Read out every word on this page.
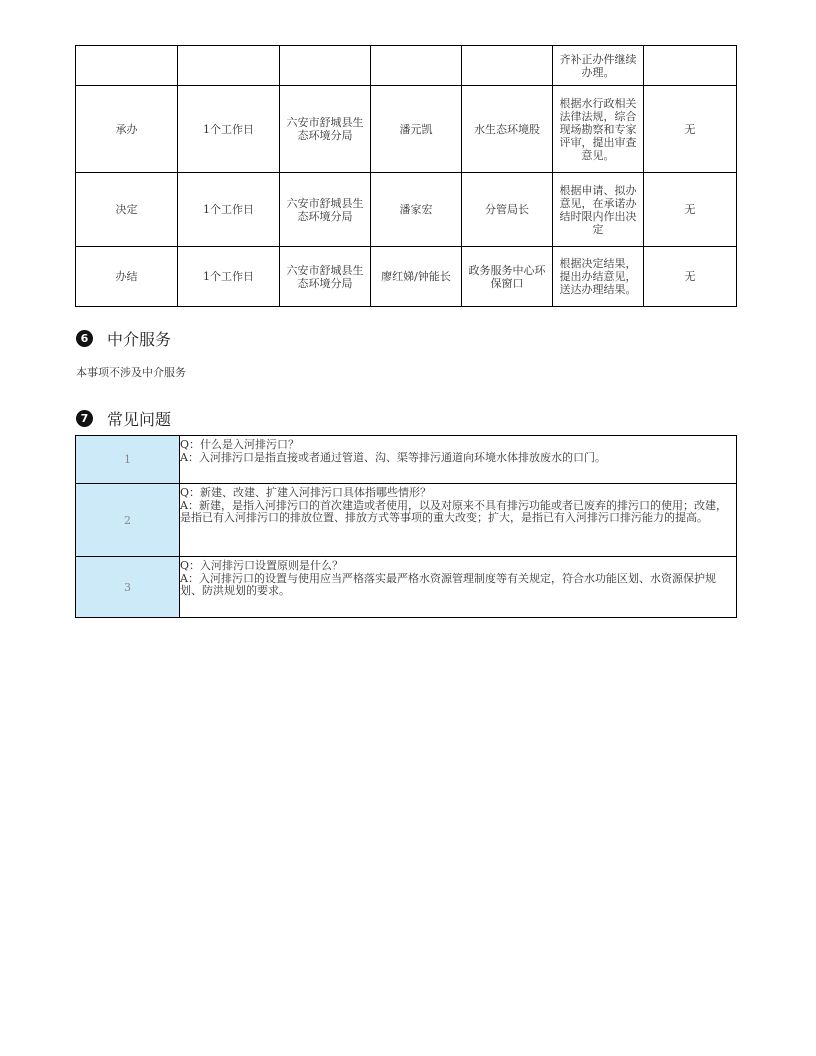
					齐补正办件继续办理。	
承办	1个工作日	六安市舒城县生态环境分局	潘元凯	水生态环境股	根据水行政相关法律法规，综合现场勘察和专家评审，提出审查意见。	无
决定	1个工作日	六安市舒城县生态环境分局	潘家宏	分管局长	根据申请、拟办意见，在承诺办结时限内作出决定	无
办结	1个工作日	六安市舒城县生态环境分局	廖红娣/钟能长	政务服务中心环保窗口	根据决定结果，提出办结意见，送达办理结果。	无
6 中介服务
本事项不涉及中介服务
7 常见问题
1	Q：什么是入河排污口？
A：入河排污口是指直接或者通过管道、沟、渠等排污通道向环境水体排放废水的口门。

2	Q：新建、改建、扩建入河排污口具体指哪些情形？
A：新建，是指入河排污口的首次建造或者使用，以及对原来不具有排污功能或者已废弃的排污口的使用；改建，是指已有入河排污口的排放位置、排放方式等事项的重大改变；扩大，是指已有入河排污口排污能力的提高。

3	Q：入河排污口设置原则是什么？
A：入河排污口的设置与使用应当严格落实最严格水资源管理制度等有关规定，符合水功能区划、水资源保护规划、防洪规划的要求。
